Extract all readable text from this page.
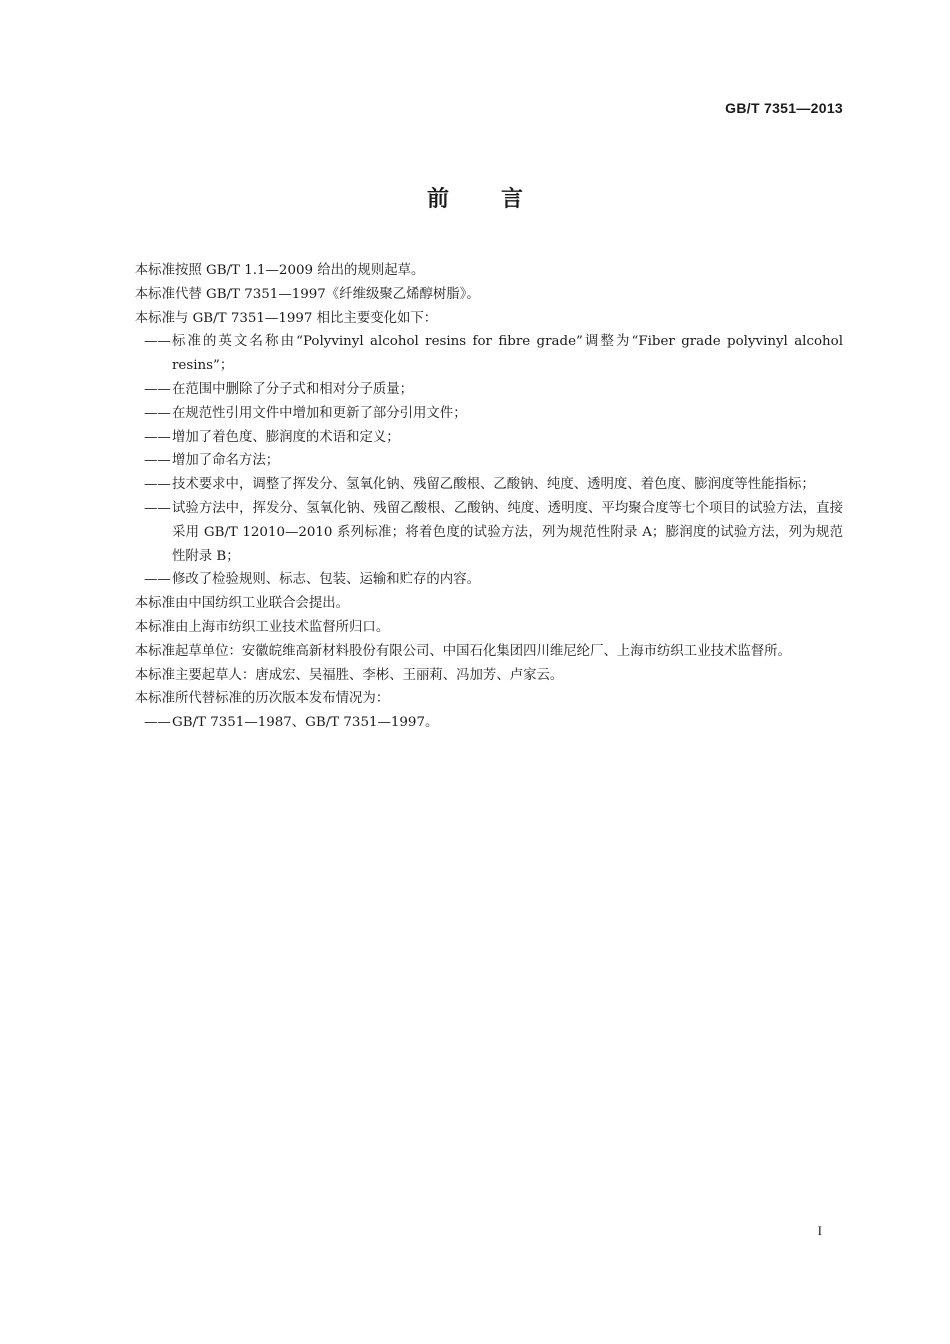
GB/T 7351—2013
前言

本标准按照 GB/T 1.1—2009 给出的规则起草。

本标准代替 GB/T 7351—1997《纤维级聚乙烯醇树脂》。

本标准与 GB/T 7351—1997 相比主要变化如下：

—— 标准的英文名称由“Polyvinyl alcohol resins for fibre grade”调整为“Fiber grade polyvinyl alcohol resins”；

—— 在范围中删除了分子式和相对分子质量；

—— 在规范性引用文件中增加和更新了部分引用文件；

—— 增加了着色度、膨润度的术语和定义；

—— 增加了命名方法；

—— 技术要求中，调整了挥发分、氢氧化钠、残留乙酸根、乙酸钠、纯度、透明度、着色度、膨润度等性能指标；

—— 试验方法中，挥发分、氢氧化钠、残留乙酸根、乙酸钠、纯度、透明度、平均聚合度等七个项目的试验方法，直接采用 GB/T 12010—2010 系列标准；将着色度的试验方法，列为规范性附录 A；膨润度的试验方法，列为规范性附录 B；

—— 修改了检验规则、标志、包装、运输和贮存的内容。

本标准由中国纺织工业联合会提出。

本标准由上海市纺织工业技术监督所归口。

本标准起草单位：安徽皖维高新材料股份有限公司、中国石化集团四川维尼纶厂、上海市纺织工业技术监督所。

本标准主要起草人：唐成宏、吴福胜、李彬、王丽莉、冯加芳、卢家云。

本标准所代替标准的历次版本发布情况为：

—— GB/T 7351—1987、GB/T 7351—1997。

I
